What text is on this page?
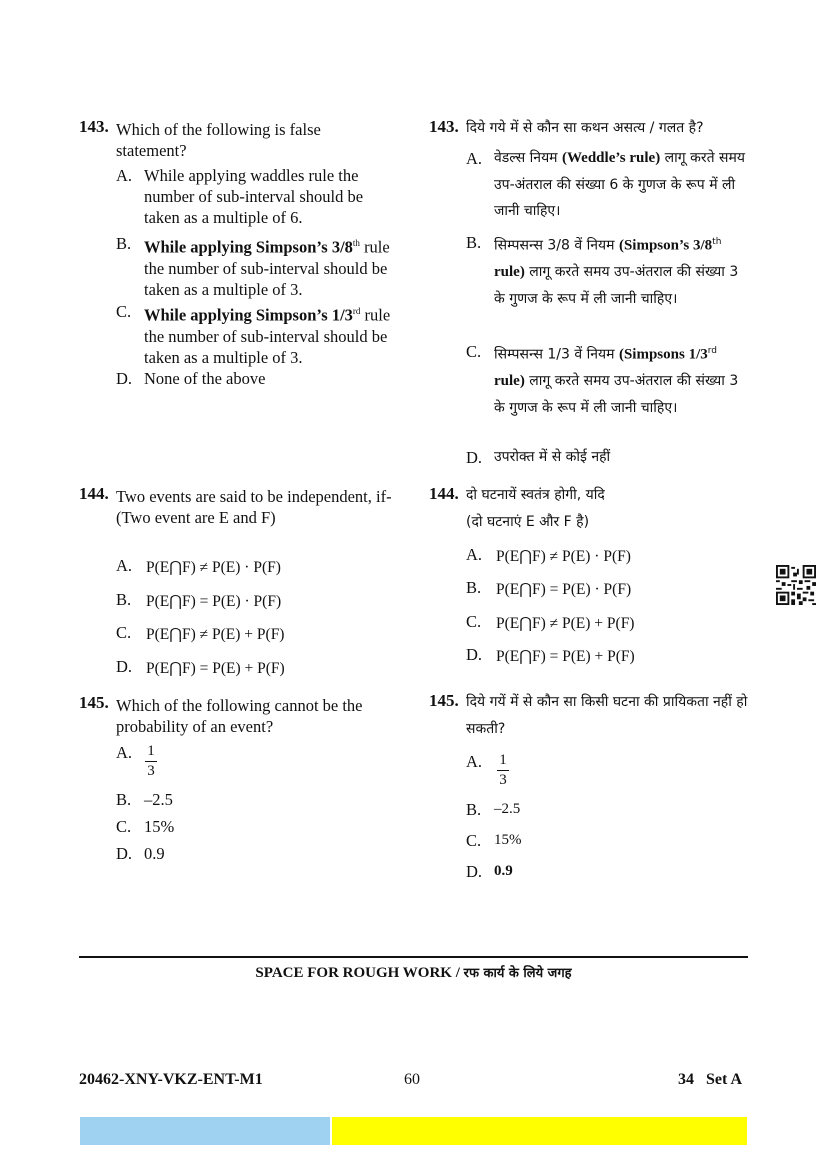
143. Which of the following is false statement?
A. While applying waddles rule the number of sub-interval should be taken as a multiple of 6.
B. While applying Simpson’s 3/8th rule the number of sub-interval should be taken as a multiple of 3.
C. While applying Simpson’s 1/3rd rule the number of sub-interval should be taken as a multiple of 3.
D. None of the above
144. Two events are said to be independent, if-
(Two event are E and F)
A. P(E⋂F) ≠ P(E) · P(F)
B. P(E⋂F) = P(E) · P(F)
C. P(E⋂F) ≠ P(E) + P(F)
D. P(E⋂F) = P(E) + P(F)
145. Which of the following cannot be the probability of an event?
A. 1
3
B. –2.5
C. 15%
D. 0.9
143. दिये गये में से कौन सा कथन असत्य / गलत है?
A. वेडल्स नियम (Weddle’s rule) लागू करते समय उप-अंतराल की संख्या 6 के गुणज के रूप में ली जानी चाहिए।
B. सिम्पसन्स 3/8 वें नियम (Simpson’s 3/8th rule) लागू करते समय उप-अंतराल की संख्या 3 के गुणज के रूप में ली जानी चाहिए।
C. सिम्पसन्स 1/3 वें नियम (Simpsons 1/3rd rule) लागू करते समय उप-अंतराल की संख्या 3 के गुणज के रूप में ली जानी चाहिए।
D. उपरोक्त में से कोई नहीं
144. दो घटनायें स्वतंत्र होगी, यदि
(दो घटनाएं E और F है)
A. P(E⋂F) ≠ P(E) · P(F)
B. P(E⋂F) = P(E) · P(F)
C. P(E⋂F) ≠ P(E) + P(F)
D. P(E⋂F) = P(E) + P(F)
145. दिये गयें में से कौन सा किसी घटना की प्रायिकता नहीं हो सकती?
A. 1
3
B. –2.5
C. 15%
D. 0.9
SPACE FOR ROUGH WORK / रफ कार्य के लिये जगह
20462-XNY-VKZ-ENT-M1	60	34   Set A
